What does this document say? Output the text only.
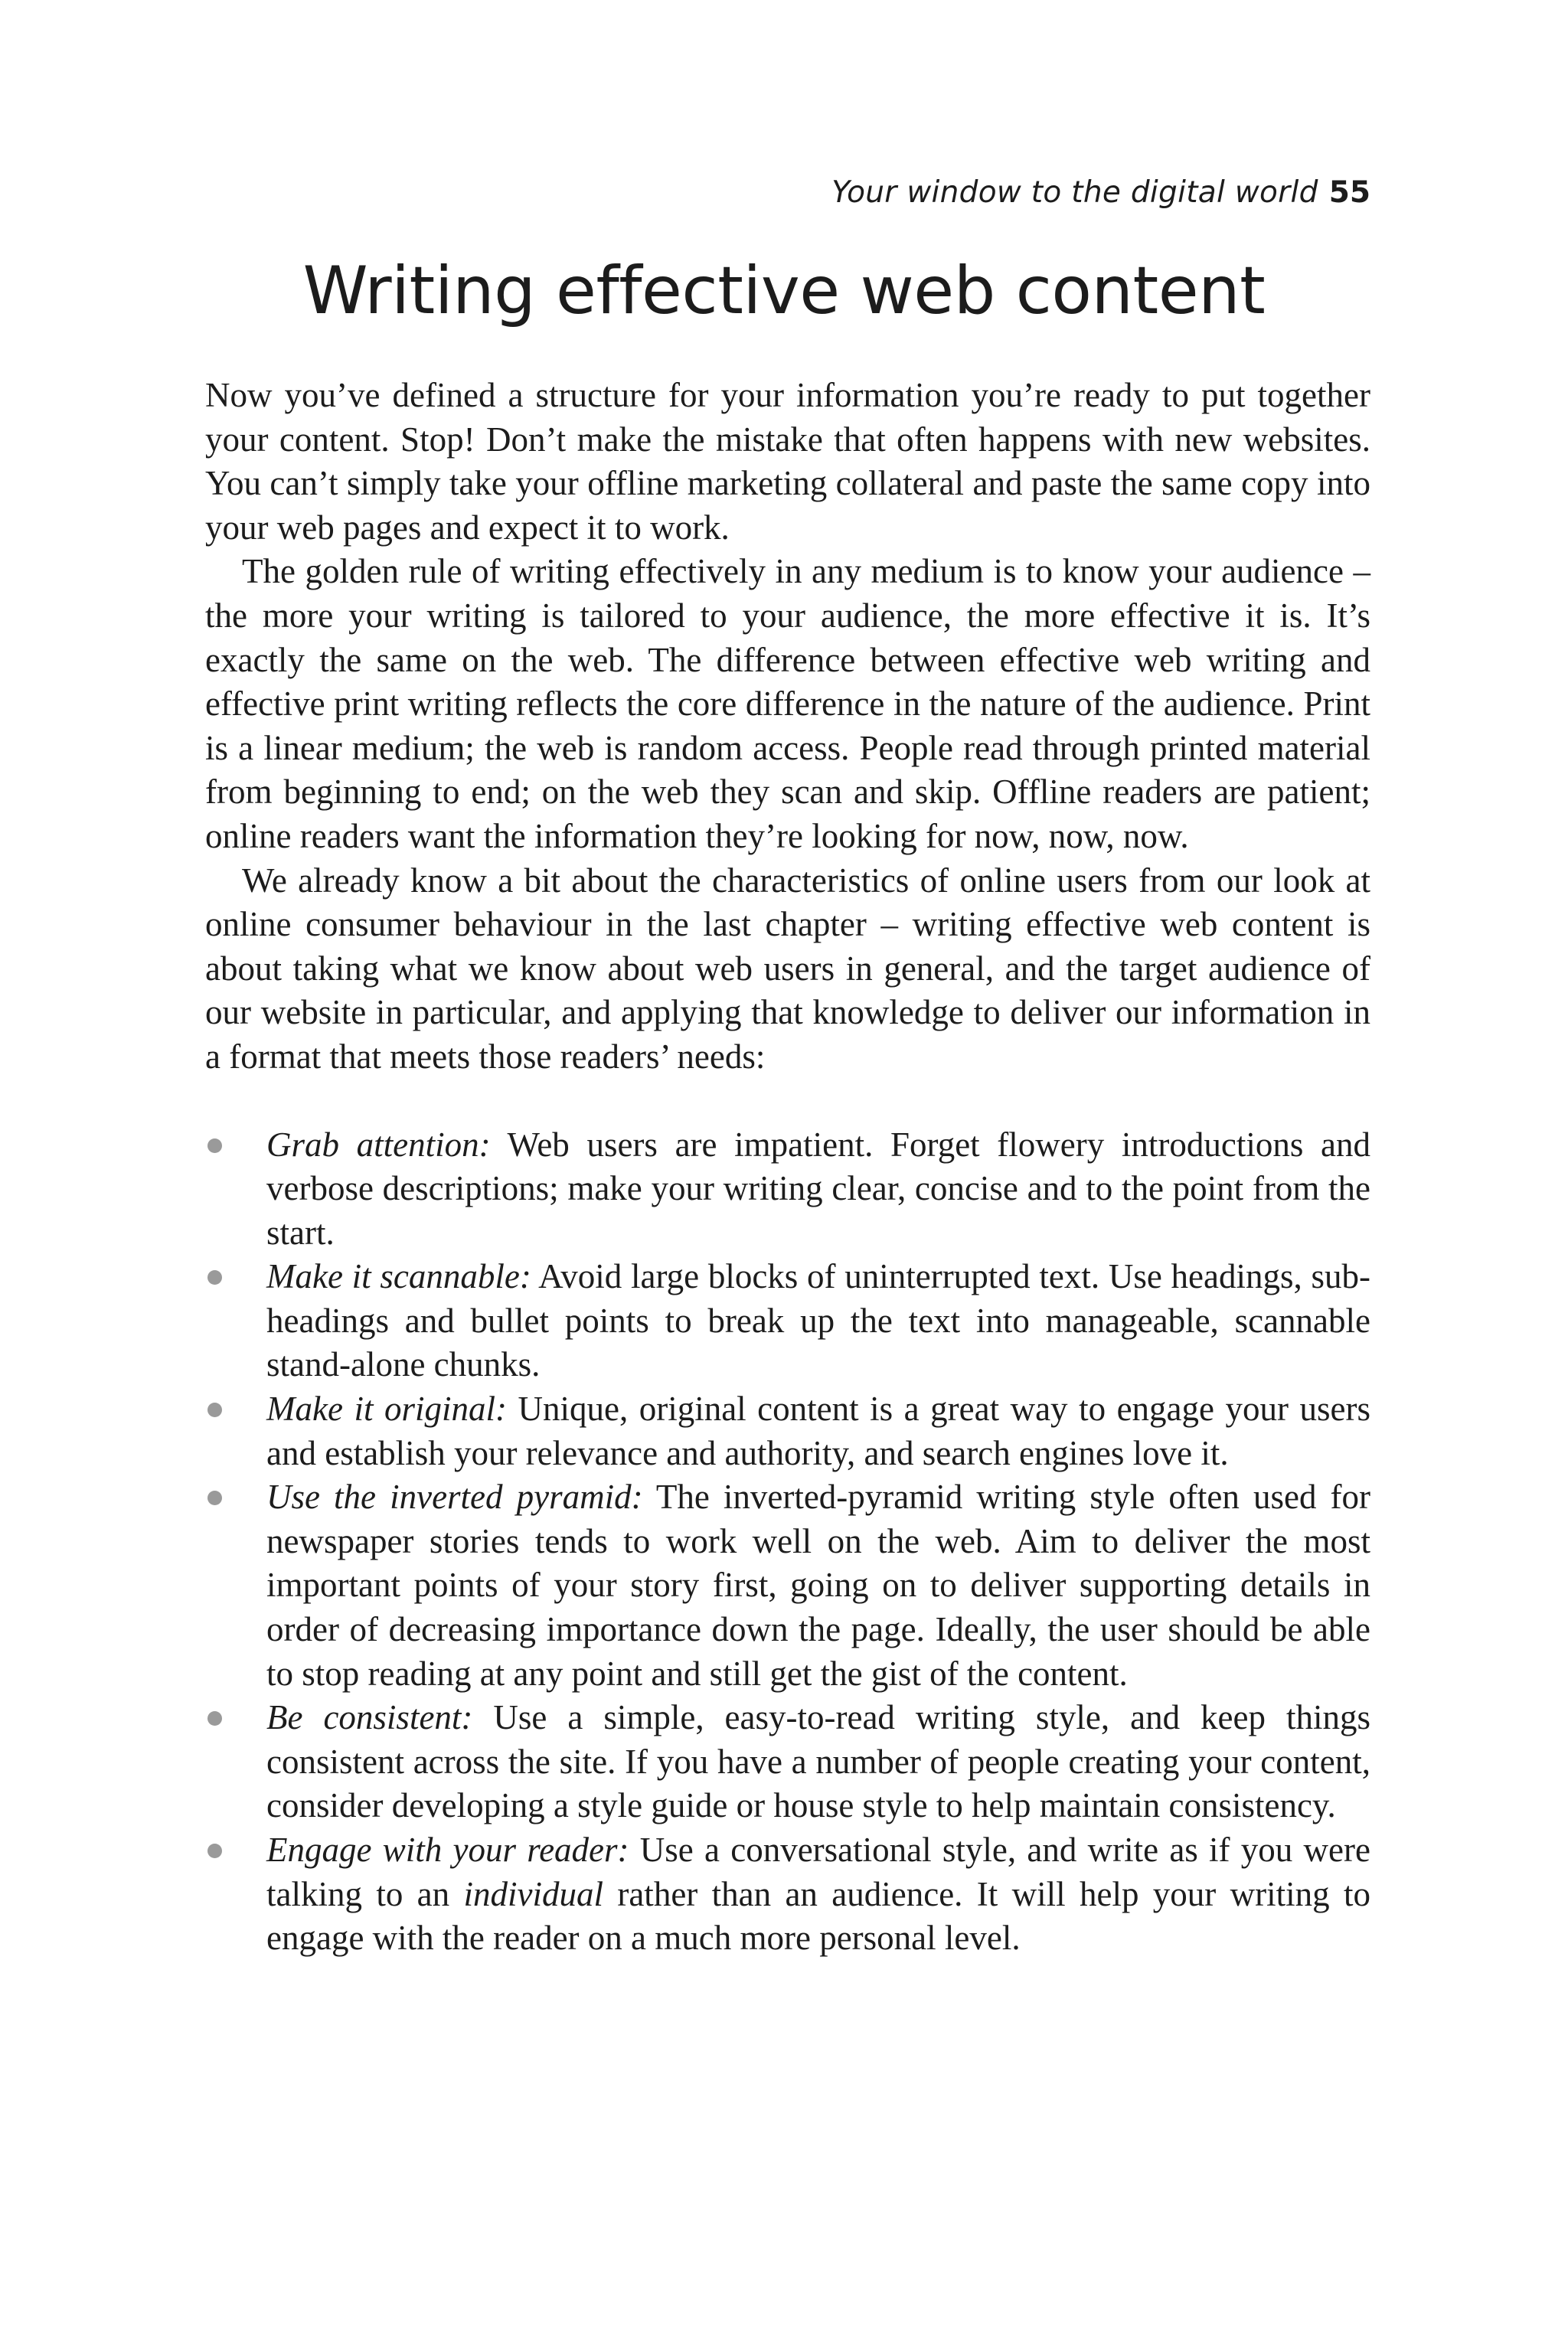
Your window to the digital world 55
Writing effective web content

Now you’ve defined a structure for your information you’re ready to put together your content. Stop! Don’t make the mistake that often happens with new websites. You can’t simply take your offline marketing collateral and paste the same copy into your web pages and expect it to work.

The golden rule of writing effectively in any medium is to know your audience – the more your writing is tailored to your audience, the more effective it is. It’s exactly the same on the web. The difference between effective web writing and effective print writing reflects the core difference in the nature of the audience. Print is a linear medium; the web is random access. People read through printed material from beginning to end; on the web they scan and skip. Offline readers are patient; online readers want the information they’re looking for now, now, now.

We already know a bit about the characteristics of online users from our look at online consumer behaviour in the last chapter – writing effective web content is about taking what we know about web users in general, and the target audience of our website in particular, and applying that knowledge to deliver our information in a format that meets those readers’ needs:

Grab attention: Web users are impatient. Forget flowery introductions and verbose descriptions; make your writing clear, concise and to the point from the start.
Make it scannable: Avoid large blocks of uninterrupted text. Use headings, sub-headings and bullet points to break up the text into manageable, scannable stand-alone chunks.
Make it original: Unique, original content is a great way to engage your users and establish your relevance and authority, and search engines love it.
Use the inverted pyramid: The inverted-pyramid writing style often used for newspaper stories tends to work well on the web. Aim to deliver the most important points of your story first, going on to deliver supporting details in order of decreasing importance down the page. Ideally, the user should be able to stop reading at any point and still get the gist of the content.
Be consistent: Use a simple, easy-to-read writing style, and keep things consistent across the site. If you have a number of people creating your content, consider developing a style guide or house style to help maintain consistency.
Engage with your reader: Use a conversational style, and write as if you were talking to an individual rather than an audience. It will help your writing to engage with the reader on a much more personal level.
